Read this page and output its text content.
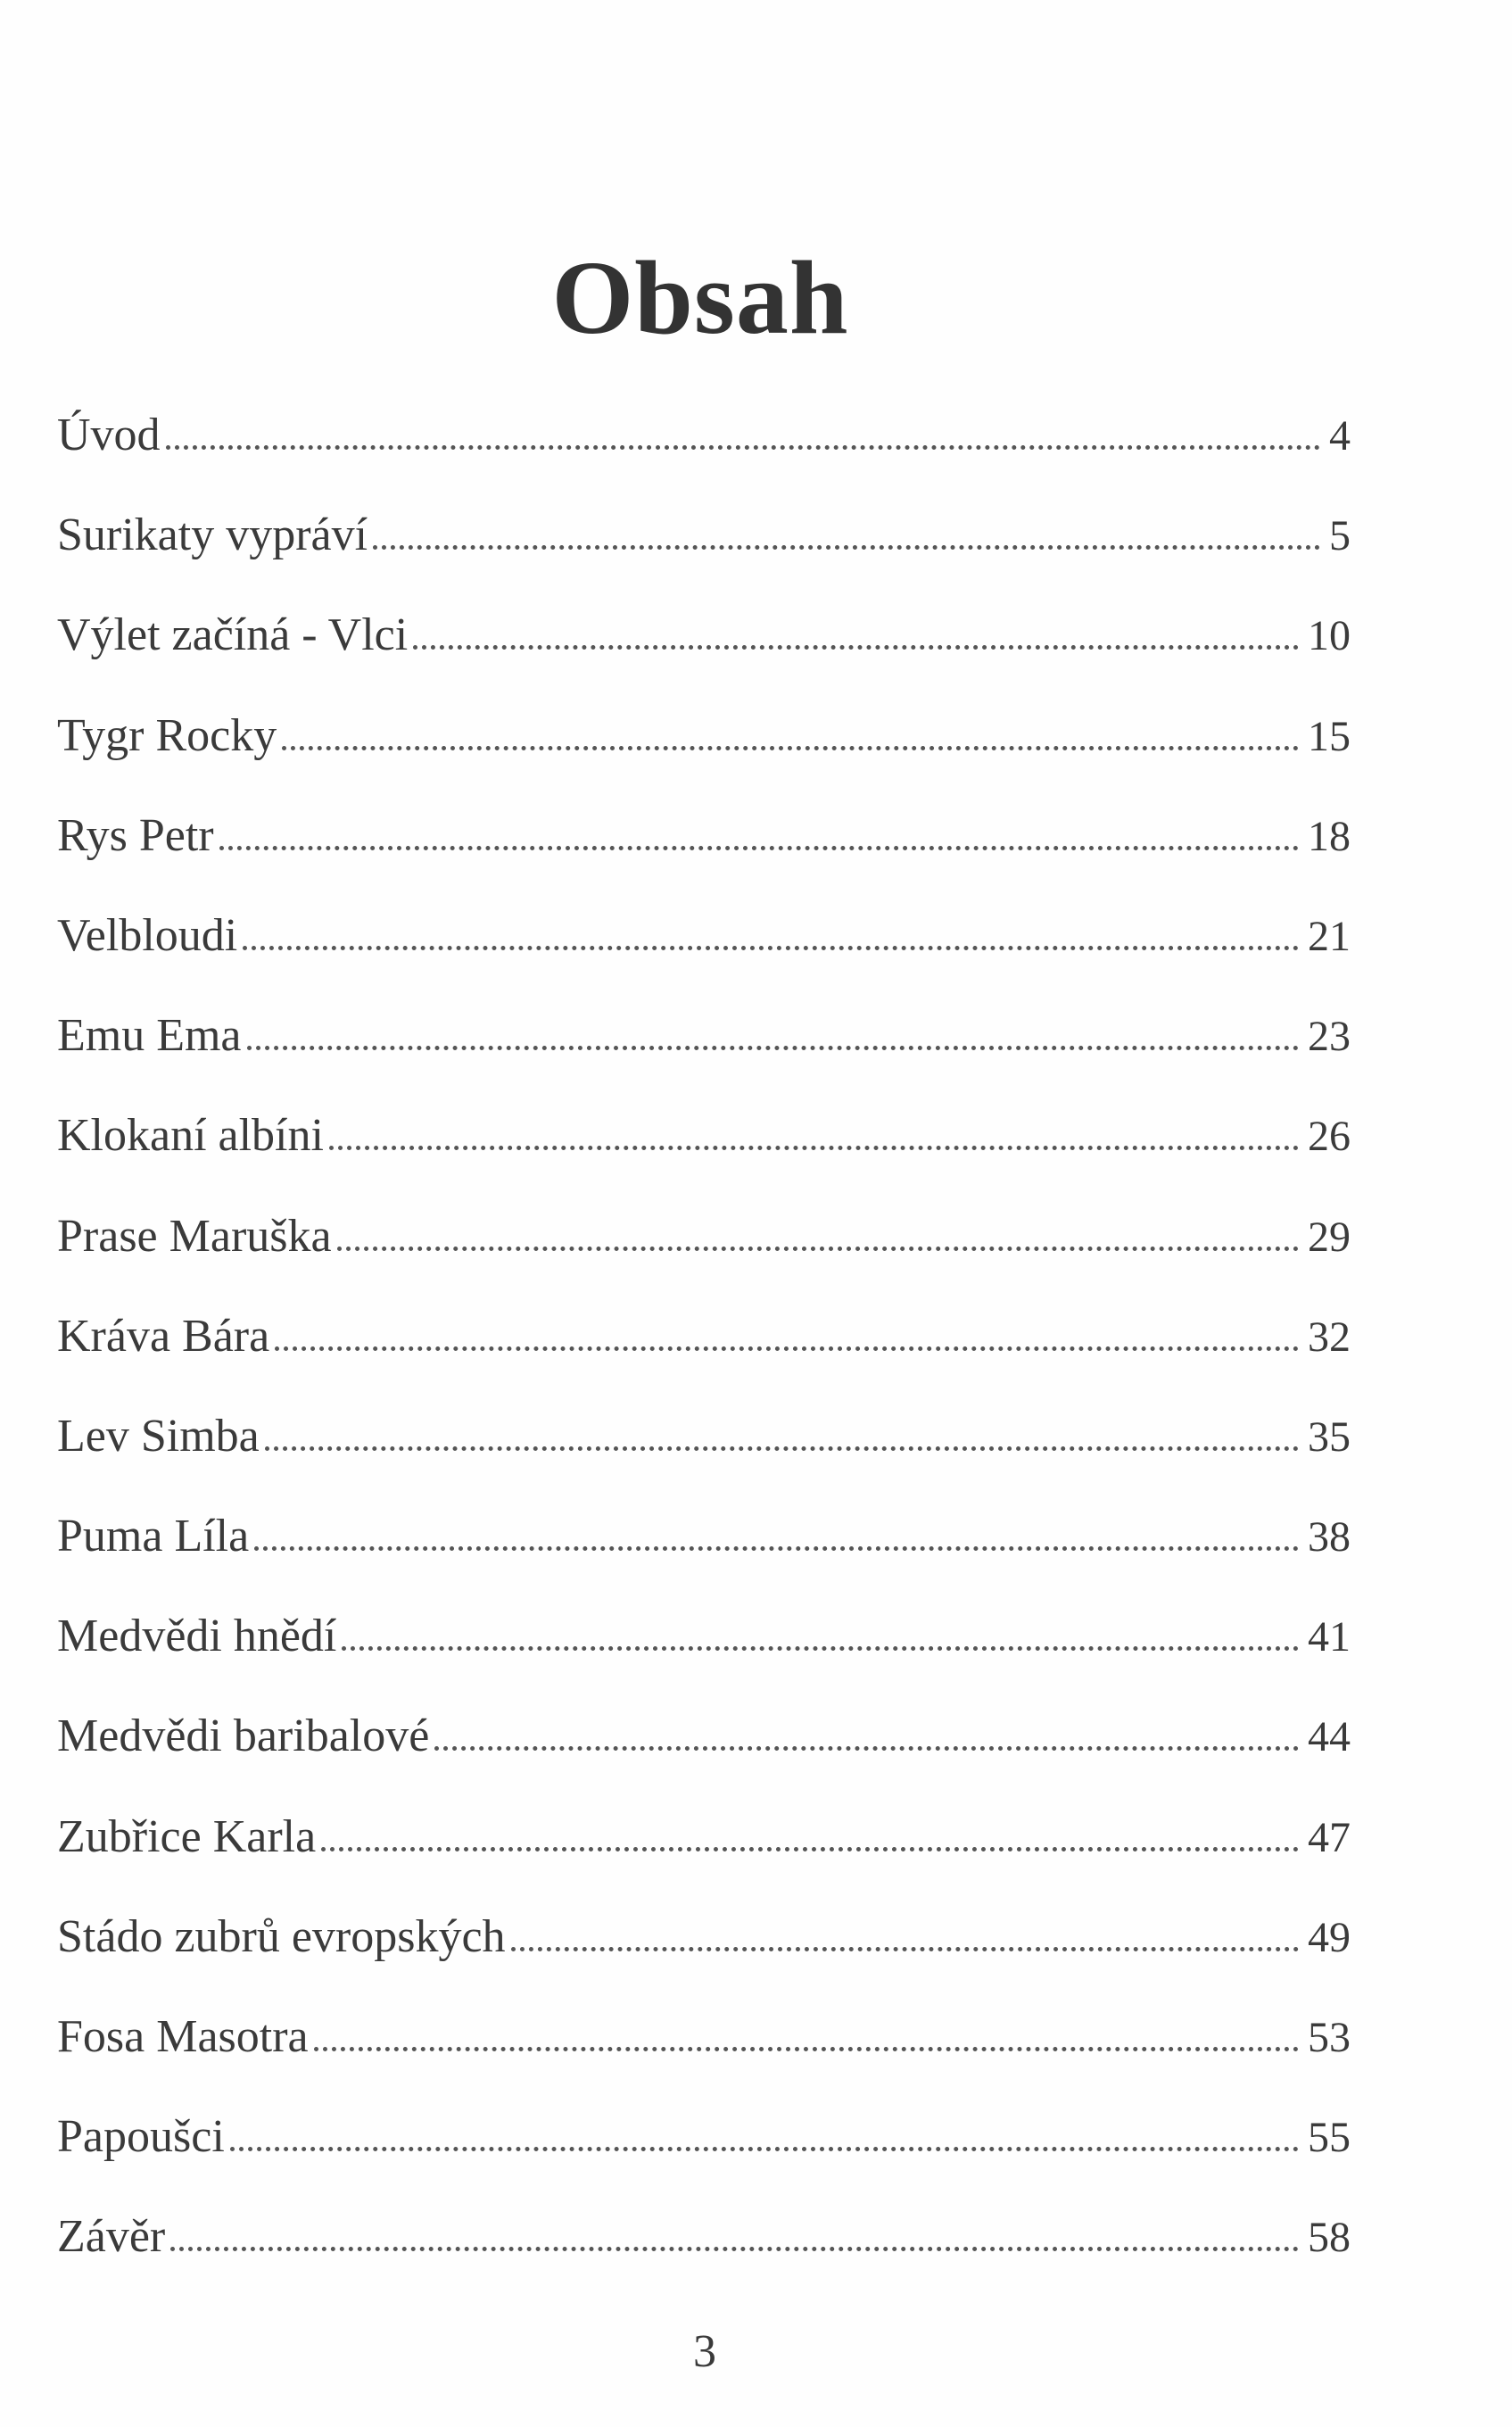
Obsah
Úvod	4
Surikaty vypráví	5
Výlet začíná - Vlci	10
Tygr Rocky	15
Rys Petr	18
Velbloudi	21
Emu Ema	23
Klokaní albíni	26
Prase Maruška	29
Kráva Bára	32
Lev Simba	35
Puma Líla	38
Medvědi hnědí	41
Medvědi baribalové	44
Zubřice Karla	47
Stádo zubrů evropských	49
Fosa Masotra	53
Papoušci	55
Závěr	58
3
